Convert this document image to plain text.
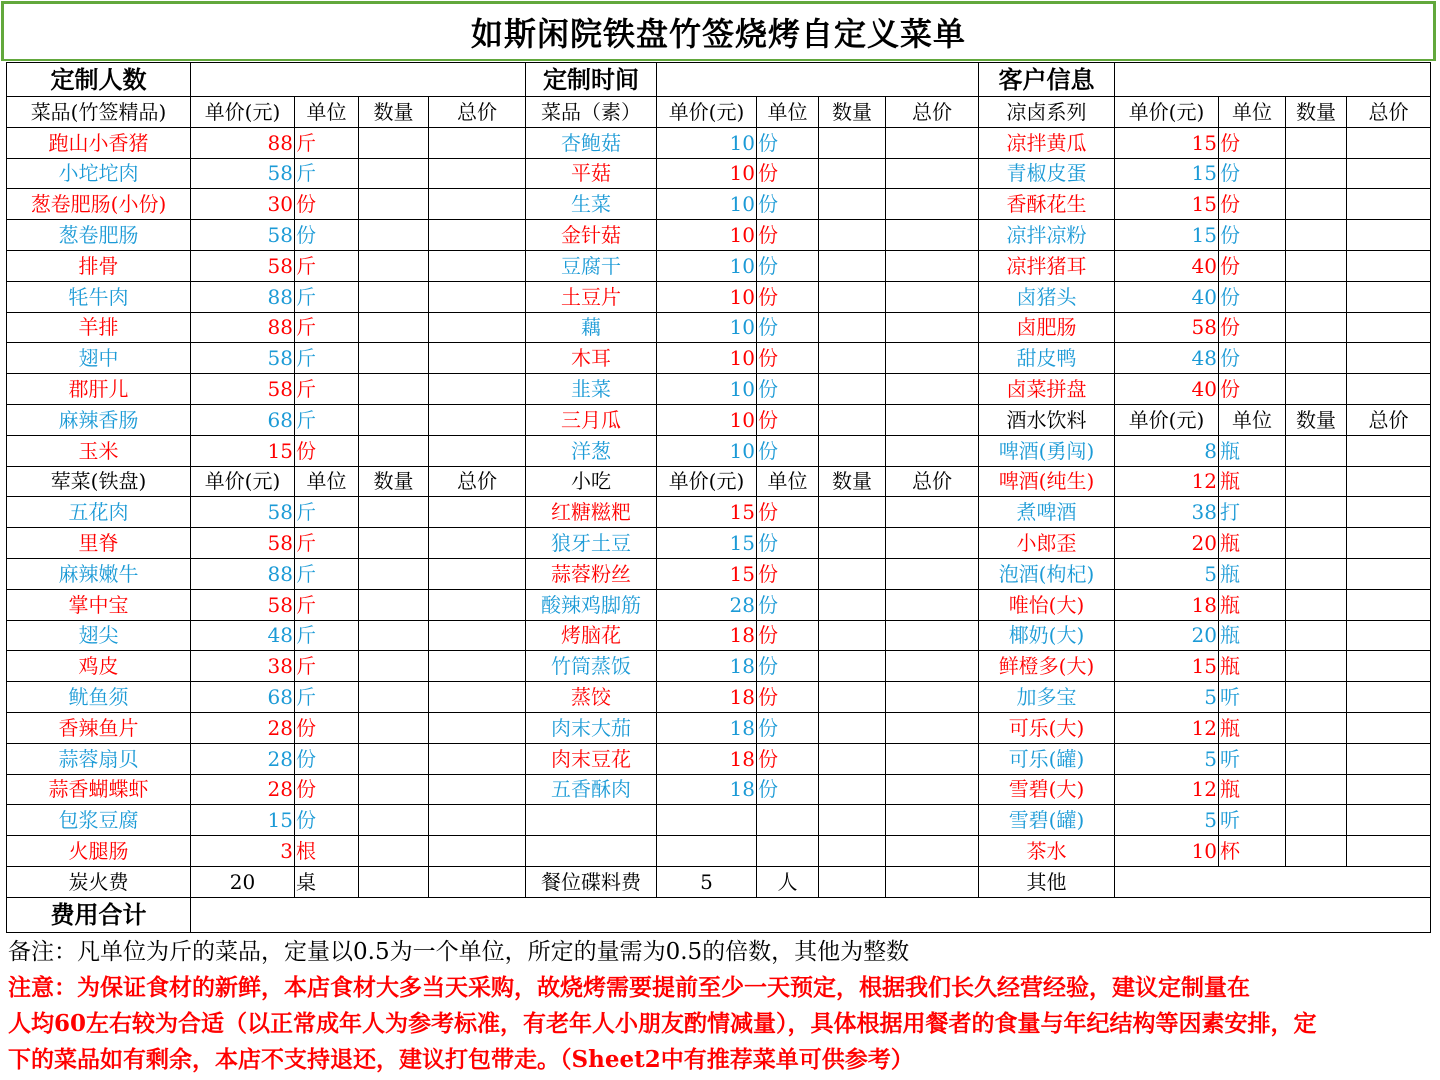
如斯闲院铁盘竹签烧烤自定义菜单
定制人数					定制时间					客户信息				
菜品(竹签精品)	单价(元)	单位	数量	总价	菜品（素）	单价(元)	单位	数量	总价	凉卤系列	单价(元)	单位	数量	总价
跑山小香猪	88	斤			杏鲍菇	10	份			凉拌黄瓜	15	份		
小坨坨肉	58	斤			平菇	10	份			青椒皮蛋	15	份		
葱卷肥肠(小份)	30	份			生菜	10	份			香酥花生	15	份		
葱卷肥肠	58	份			金针菇	10	份			凉拌凉粉	15	份		
排骨	58	斤			豆腐干	10	份			凉拌猪耳	40	份		
牦牛肉	88	斤			土豆片	10	份			卤猪头	40	份		
羊排	88	斤			藕	10	份			卤肥肠	58	份		
翅中	58	斤			木耳	10	份			甜皮鸭	48	份		
郡肝儿	58	斤			韭菜	10	份			卤菜拼盘	40	份		
麻辣香肠	68	斤			三月瓜	10	份			酒水饮料	单价(元)	单位	数量	总价
玉米	15	份			洋葱	10	份			啤酒(勇闯)	8	瓶		
荤菜(铁盘)	单价(元)	单位	数量	总价	小吃	单价(元)	单位	数量	总价	啤酒(纯生)	12	瓶		
五花肉	58	斤			红糖糍粑	15	份			煮啤酒	38	打		
里脊	58	斤			狼牙土豆	15	份			小郎歪	20	瓶		
麻辣嫩牛	88	斤			蒜蓉粉丝	15	份			泡酒(枸杞)	5	瓶		
掌中宝	58	斤			酸辣鸡脚筋	28	份			唯怡(大)	18	瓶		
翅尖	48	斤			烤脑花	18	份			椰奶(大)	20	瓶		
鸡皮	38	斤			竹筒蒸饭	18	份			鲜橙多(大)	15	瓶		
鱿鱼须	68	斤			蒸饺	18	份			加多宝	5	听		
香辣鱼片	28	份			肉末大茄	18	份			可乐(大)	12	瓶		
蒜蓉扇贝	28	份			肉末豆花	18	份			可乐(罐)	5	听		
蒜香蝴蝶虾	28	份			五香酥肉	18	份			雪碧(大)	12	瓶		
包浆豆腐	15	份								雪碧(罐)	5	听		
火腿肠	3	根								茶水	10	杯		
炭火费	20	桌			餐位碟料费	5	人			其他				
费用合计														
备注：凡单位为斤的菜品，定量以0.5为一个单位，所定的量需为0.5的倍数，其他为整数
注意：为保证食材的新鲜，本店食材大多当天采购，故烧烤需要提前至少一天预定，根据我们长久经营经验，建议定制量在
人均60左右较为合适（以正常成年人为参考标准，有老年人小朋友酌情减量），具体根据用餐者的食量与年纪结构等因素安排，定
下的菜品如有剩余，本店不支持退还，建议打包带走。（Sheet2中有推荐菜单可供参考）
